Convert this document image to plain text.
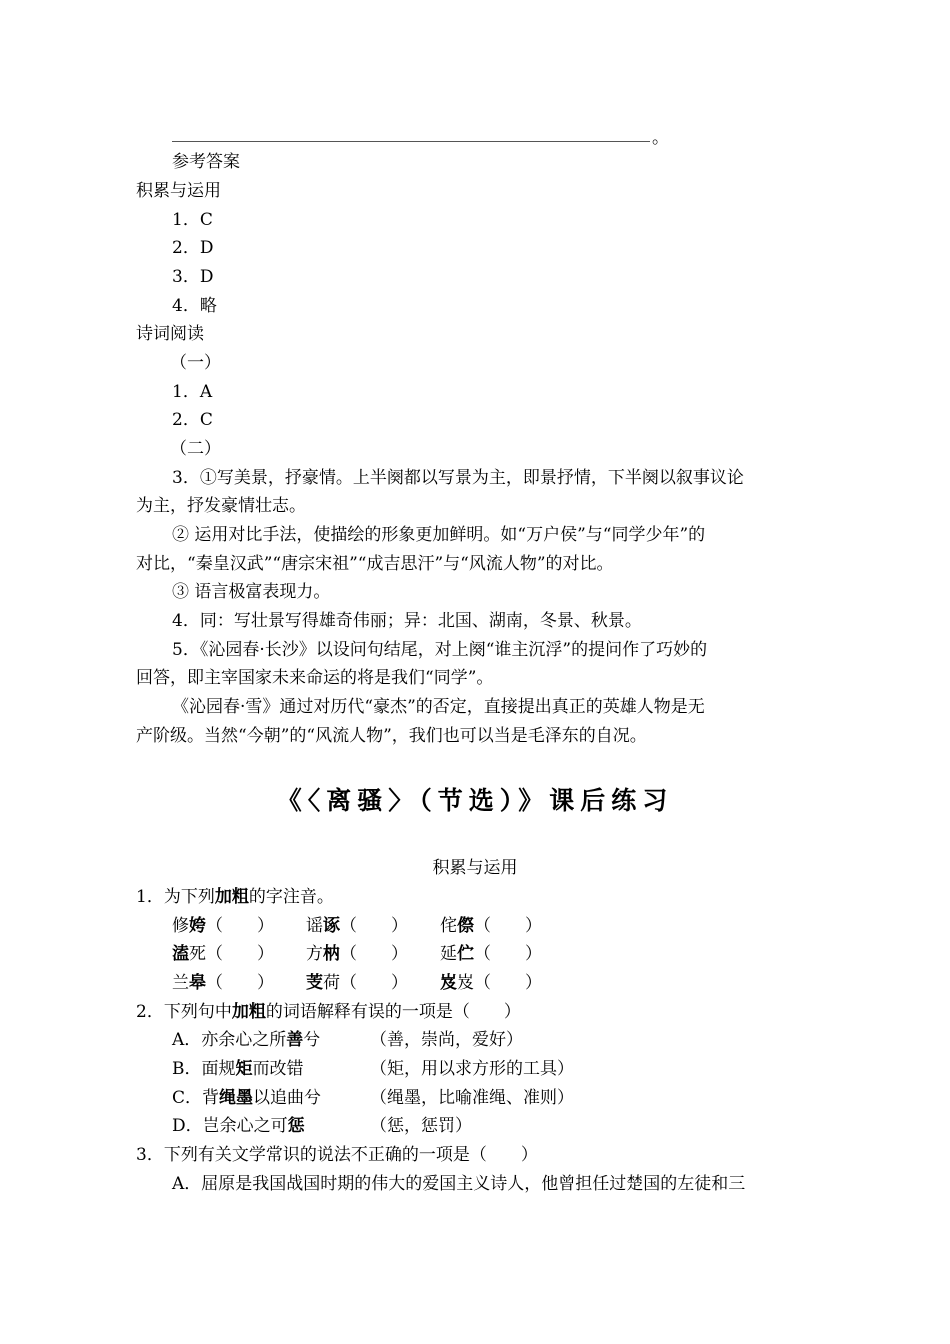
。
参考答案
积累与运用
1．C
2．D
3．D
4．略
诗词阅读
（一）
1．A
2．C
（二）
3．①写美景，抒豪情。上半阕都以写景为主，即景抒情，下半阕以叙事议论
为主，抒发豪情壮志。
② 运用对比手法，使描绘的形象更加鲜明。如“万户侯”与“同学少年”的
对比，“秦皇汉武”“唐宗宋祖”“成吉思汗”与“风流人物”的对比。
③ 语言极富表现力。
4．同：写壮景写得雄奇伟丽；异：北国、湖南，冬景、秋景。
5．《沁园春·长沙》以设问句结尾，对上阕“谁主沉浮”的提问作了巧妙的
回答，即主宰国家未来命运的将是我们“同学”。
《沁园春·雪》通过对历代“豪杰”的否定，直接提出真正的英雄人物是无
产阶级。当然“今朝”的“风流人物”，我们也可以当是毛泽东的自况。
《〈离骚〉（节选）》课后练习
积累与运用
1．为下列加粗的字注音。
修姱（　　） 谣诼（　　） 侘傺（　　）
溘死（　　） 方枘（　　） 延伫（　　）
兰皋（　　） 芰荷（　　） 岌岌（　　）
2．下列句中加粗的词语解释有误的一项是（　　）
A．亦余心之所善兮	（善，崇尚，爱好）
B．面规矩而改错	（矩，用以求方形的工具）
C．背绳墨以追曲兮	（绳墨，比喻准绳、准则）
D．岂余心之可惩	（惩，惩罚）
3．下列有关文学常识的说法不正确的一项是（　　）
A．屈原是我国战国时期的伟大的爱国主义诗人，他曾担任过楚国的左徒和三
